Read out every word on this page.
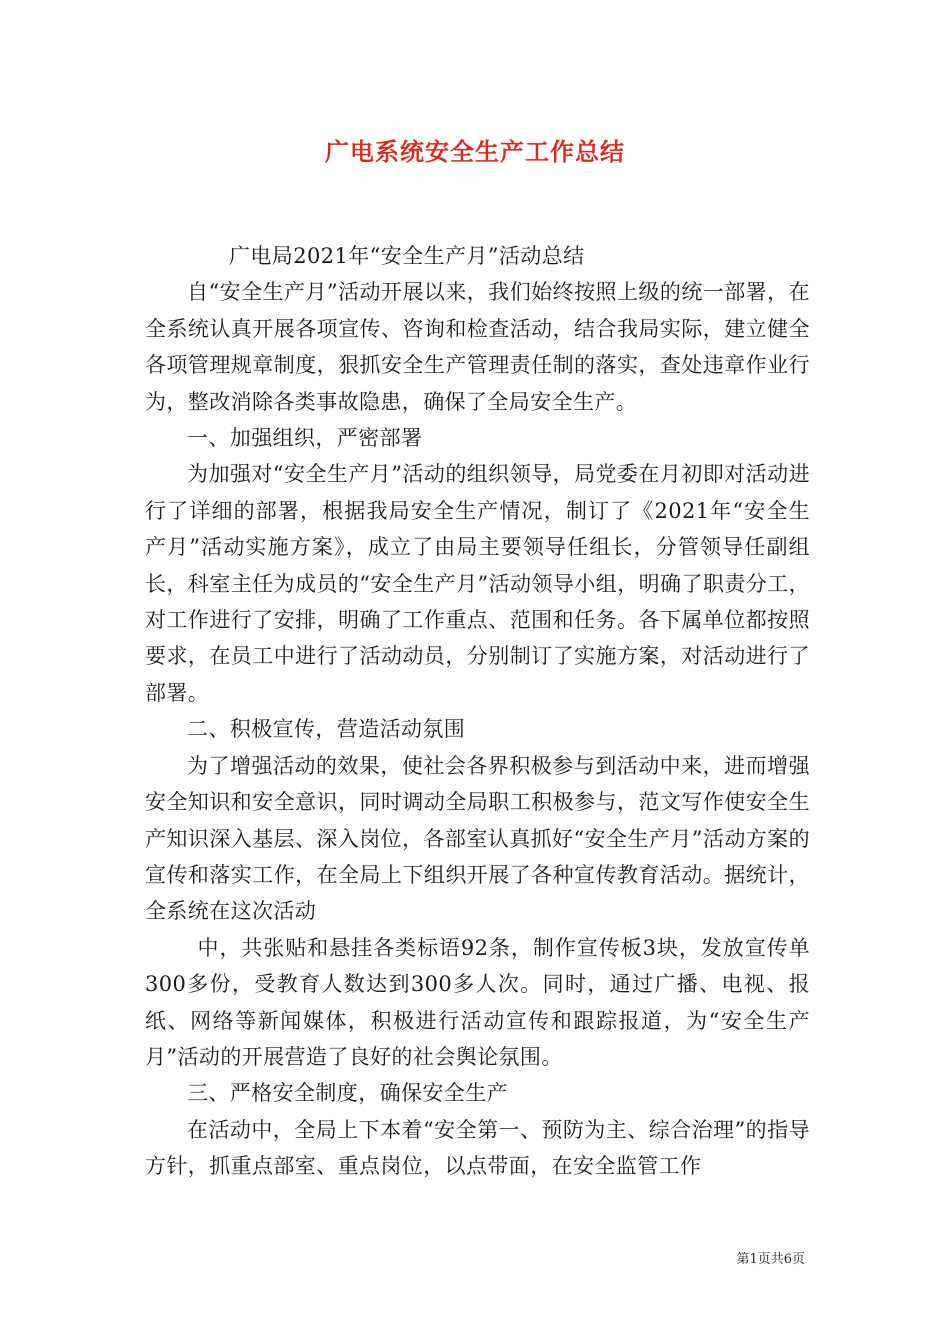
广电系统安全生产工作总结

广电局2021年“安全生产月”活动总结

自“安全生产月”活动开展以来，我们始终按照上级的统一部署，在全系统认真开展各项宣传、咨询和检查活动，结合我局实际，建立健全各项管理规章制度，狠抓安全生产管理责任制的落实，查处违章作业行为，整改消除各类事故隐患，确保了全局安全生产。

一、加强组织，严密部署

为加强对“安全生产月”活动的组织领导，局党委在月初即对活动进行了详细的部署，根据我局安全生产情况，制订了《2021年“安全生产月”活动实施方案》，成立了由局主要领导任组长，分管领导任副组长，科室主任为成员的“安全生产月”活动领导小组，明确了职责分工，对工作进行了安排，明确了工作重点、范围和任务。各下属单位都按照要求，在员工中进行了活动动员，分别制订了实施方案，对活动进行了部署。

二、积极宣传，营造活动氛围

为了增强活动的效果，使社会各界积极参与到活动中来，进而增强安全知识和安全意识，同时调动全局职工积极参与，范文写作使安全生产知识深入基层、深入岗位，各部室认真抓好“安全生产月”活动方案的宣传和落实工作，在全局上下组织开展了各种宣传教育活动。据统计，全系统在这次活动

中，共张贴和悬挂各类标语92条，制作宣传板3块，发放宣传单300多份，受教育人数达到300多人次。同时，通过广播、电视、报纸、网络等新闻媒体，积极进行活动宣传和跟踪报道，为“安全生产月”活动的开展营造了良好的社会舆论氛围。

三、严格安全制度，确保安全生产

在活动中，全局上下本着“安全第一、预防为主、综合治理”的指导方针，抓重点部室、重点岗位，以点带面，在安全监管工作

第1页共6页
